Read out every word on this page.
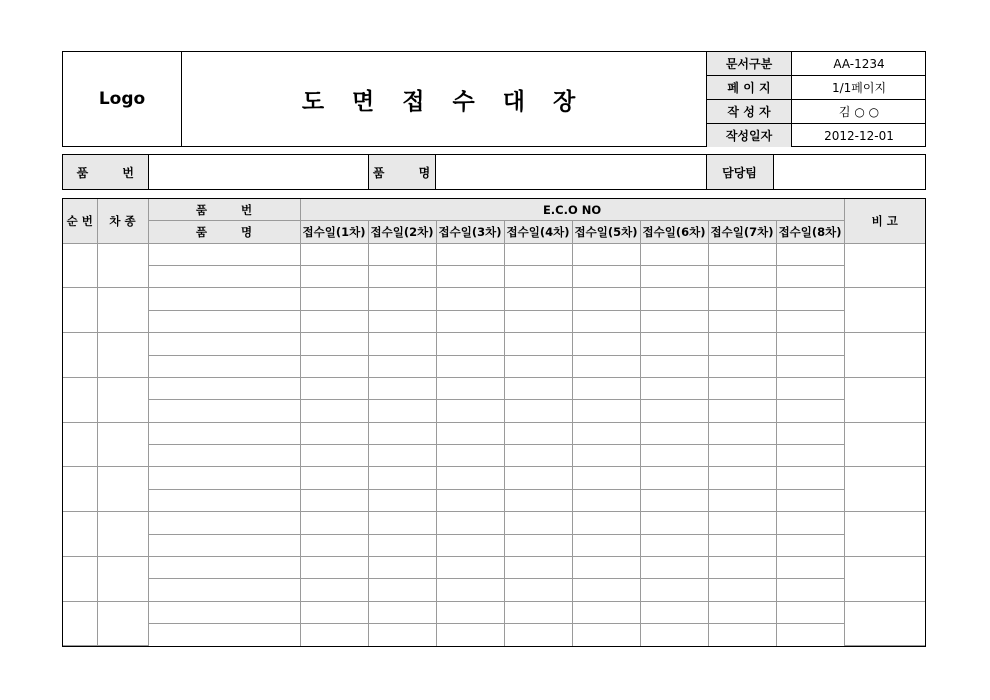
Logo	도 면 접 수 대 장
문서구분	AA-1234
페 이 지	1/1페이지
작 성 자	김 ○ ○
작성일자	2012-12-01
품 번		품 명		담당팀	
순 번	차 종	품 번	E.C.O NO								비 고
		품 명	접수일(1차)	접수일(2차)	접수일(3차)	접수일(4차)	접수일(5차)	접수일(6차)	접수일(7차)	접수일(8차)	
